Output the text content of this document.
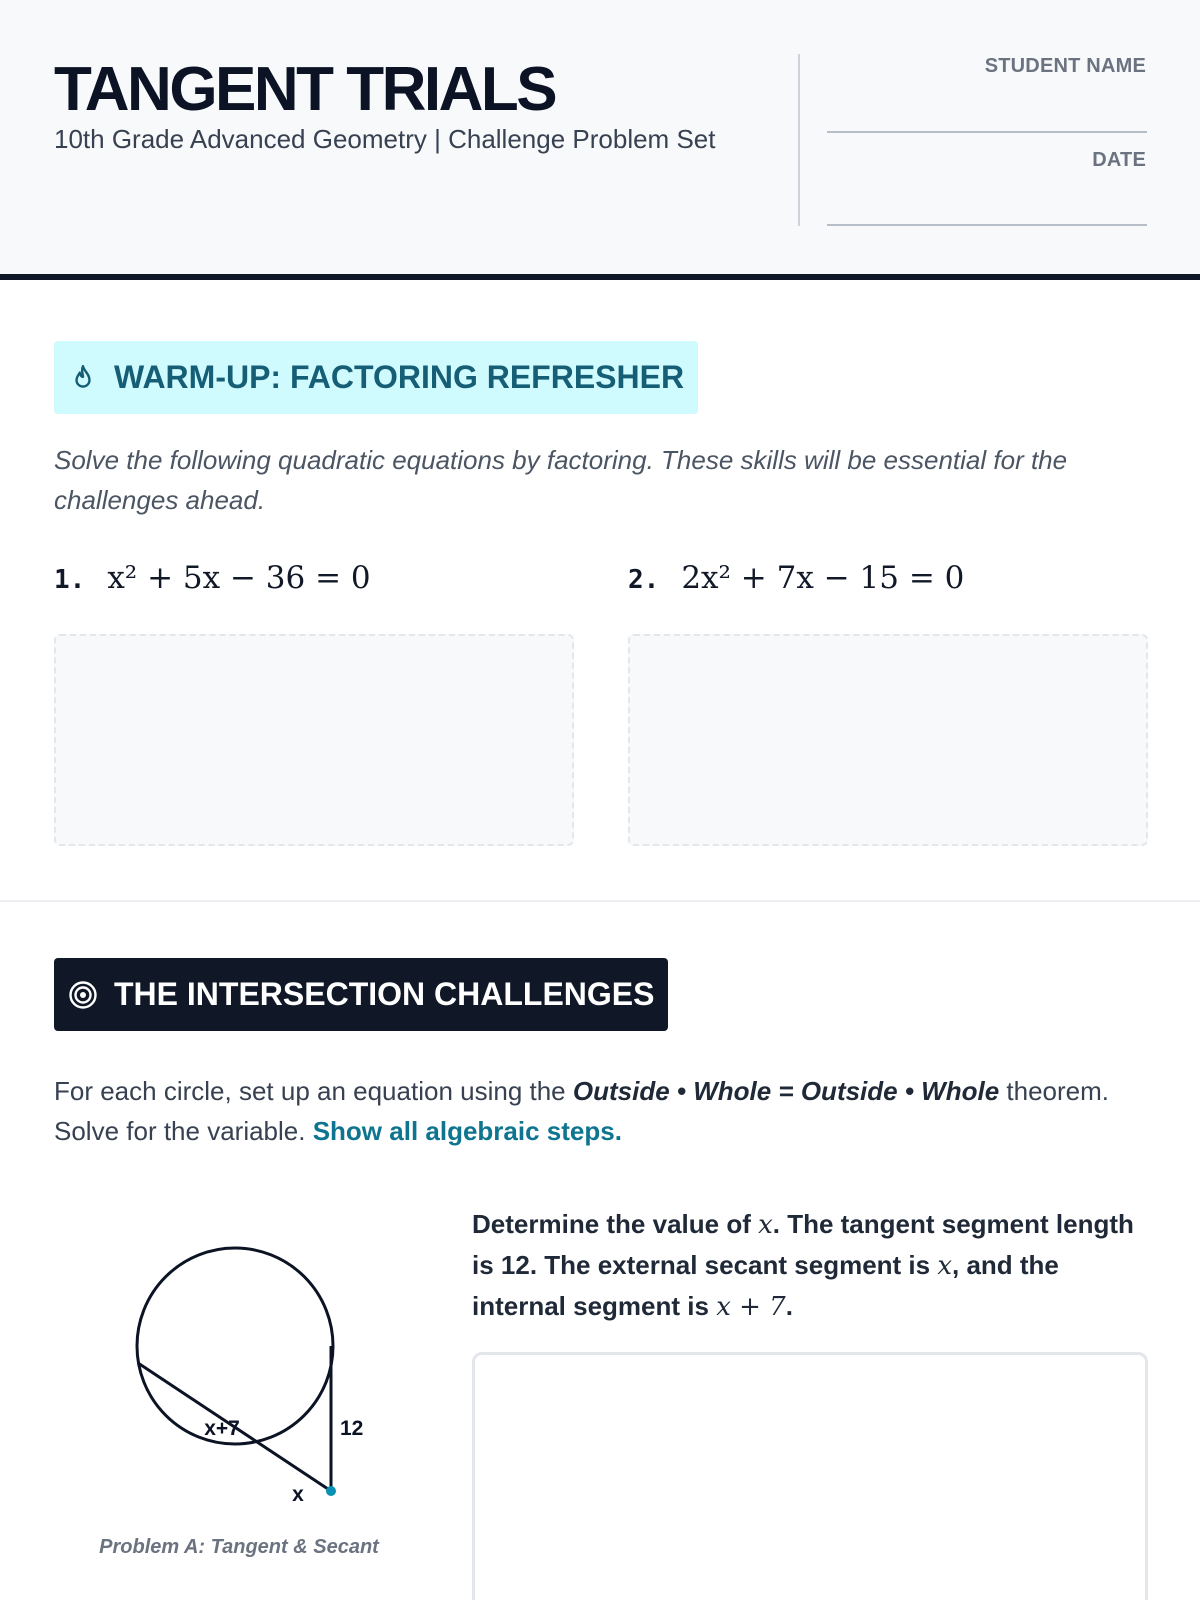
TANGENT TRIALS
10th Grade Advanced Geometry | Challenge Problem Set
STUDENT NAME
DATE
WARM-UP: FACTORING REFRESHER
Solve the following quadratic equations by factoring. These skills will be essential for the challenges ahead.
1. x² + 5x − 36 = 0	2. 2x² + 7x − 15 = 0
THE INTERSECTION CHALLENGES
For each circle, set up an equation using the Outside • Whole = Outside • Whole theorem. Solve for the variable. Show all algebraic steps.
x+7	12
x
Problem A: Tangent & Secant
Determine the value of x. The tangent segment length is 12. The external secant segment is x, and the internal segment is x + 7.
